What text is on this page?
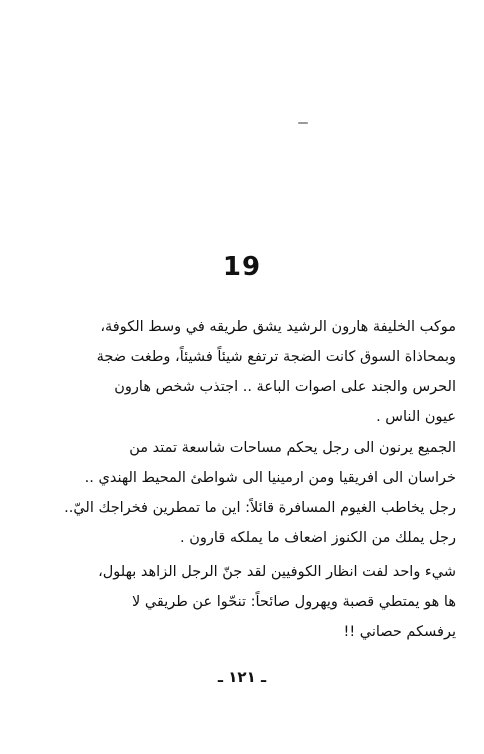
19

موكب الخليفة هارون الرشيد يشق طريقه في وسط الكوفة،
وبمحاذاة السوق كانت الضجة ترتفع شيئاً فشيئاً، وطغت ضجة
الحرس والجند على اصوات الباعة .. اجتذب شخص هارون
عيون الناس .

الجميع يرنون الى رجل يحكم مساحات شاسعة تمتد من
خراسان الى افريقيا ومن ارمينيا الى شواطئ المحيط الهندي ..
رجل يخاطب الغيوم المسافرة قائلاً: اين ما تمطرين فخراجك اليّ..
رجل يملك من الكنوز اضعاف ما يملكه قارون .

شيء واحد لفت انظار الكوفيين لقد جنّ الرجل الزاهد بهلول،
ها هو يمتطي قصبة ويهرول صائحاً: تنحّوا عن طريقي لا
يرفسكم حصاني !!

ـ ١٢١ ـ
